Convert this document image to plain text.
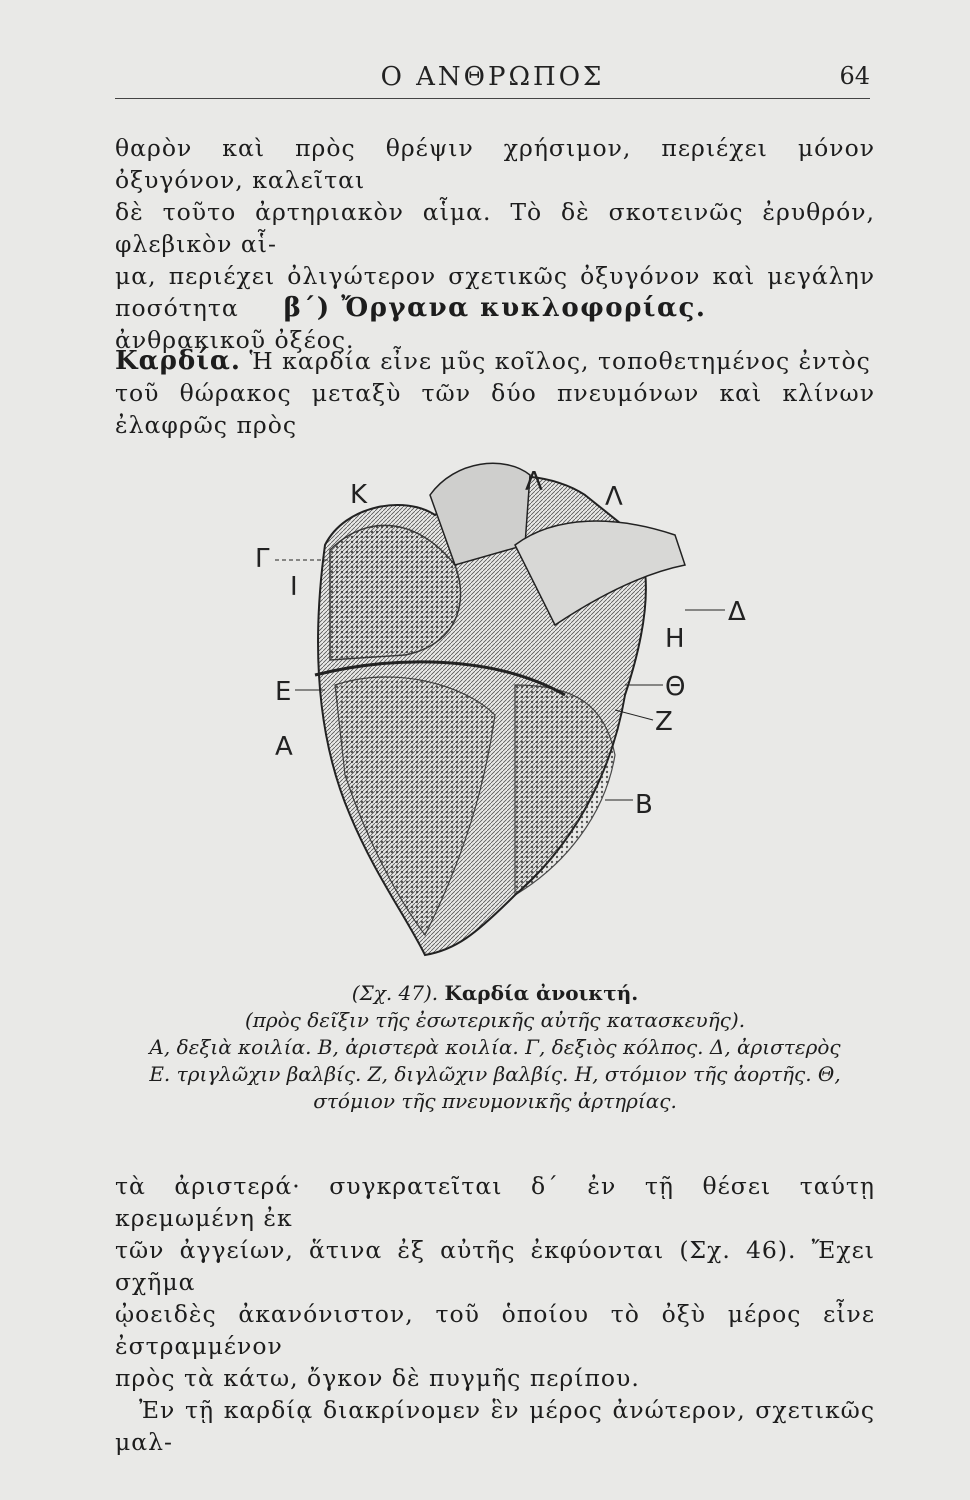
Ο ΑΝΘΡΩΠΟΣ	64

θαρὸν καὶ πρὸς θρέψιν χρήσιμον, περιέχει μόνον ὀξυγόνον, καλεῖται

δὲ τοῦτο ἀρτηριακὸν αἷμα. Τὸ δὲ σκοτεινῶς ἐρυθρόν, φλεβικὸν αἷ-

μα, περιέχει ὀλιγώτερον σχετικῶς ὀξυγόνον καὶ μεγάλην ποσότητα

ἀνθρακικοῦ ὀξέος.

β΄) Ὄργανα κυκλοφορίας.

Καρδία. Ἡ καρδία εἶνε μῦς κοῖλος, τοποθετημένος ἐντὸς

τοῦ θώρακος μεταξὺ τῶν δύο πνευμόνων καὶ κλίνων ἐλαφρῶς πρὸς

K	Λ Λ
Γ
Ι
Δ
Η
Ε	Θ
Α
Ζ
Β
(Σχ. 47). Καρδία ἀνοικτή.
(πρὸς δεῖξιν τῆς ἐσωτερικῆς αὐτῆς κατασκευῆς).
Α, δεξιὰ κοιλία. Β, ἀριστερὰ κοιλία. Γ, δεξιὸς κόλπος. Δ, ἀριστερὸς
Ε. τριγλῶχιν βαλβίς. Ζ, διγλῶχιν βαλβίς. Η, στόμιον τῆς ἀορτῆς. Θ,
στόμιον τῆς πνευμονικῆς ἀρτηρίας.

τὰ ἀριστερά· συγκρατεῖται δ΄ ἐν τῇ θέσει ταύτῃ κρεμωμένη ἐκ

τῶν ἀγγείων, ἅτινα ἐξ αὐτῆς ἐκφύονται (Σχ. 46). Ἔχει σχῆμα

ᾠοειδὲς ἀκανόνιστον, τοῦ ὁποίου τὸ ὀξὺ μέρος εἶνε ἐστραμμένον

πρὸς τὰ κάτω, ὄγκον δὲ πυγμῆς περίπου.

Ἐν τῇ καρδίᾳ διακρίνομεν ἓν μέρος ἀνώτερον, σχετικῶς μαλ-
